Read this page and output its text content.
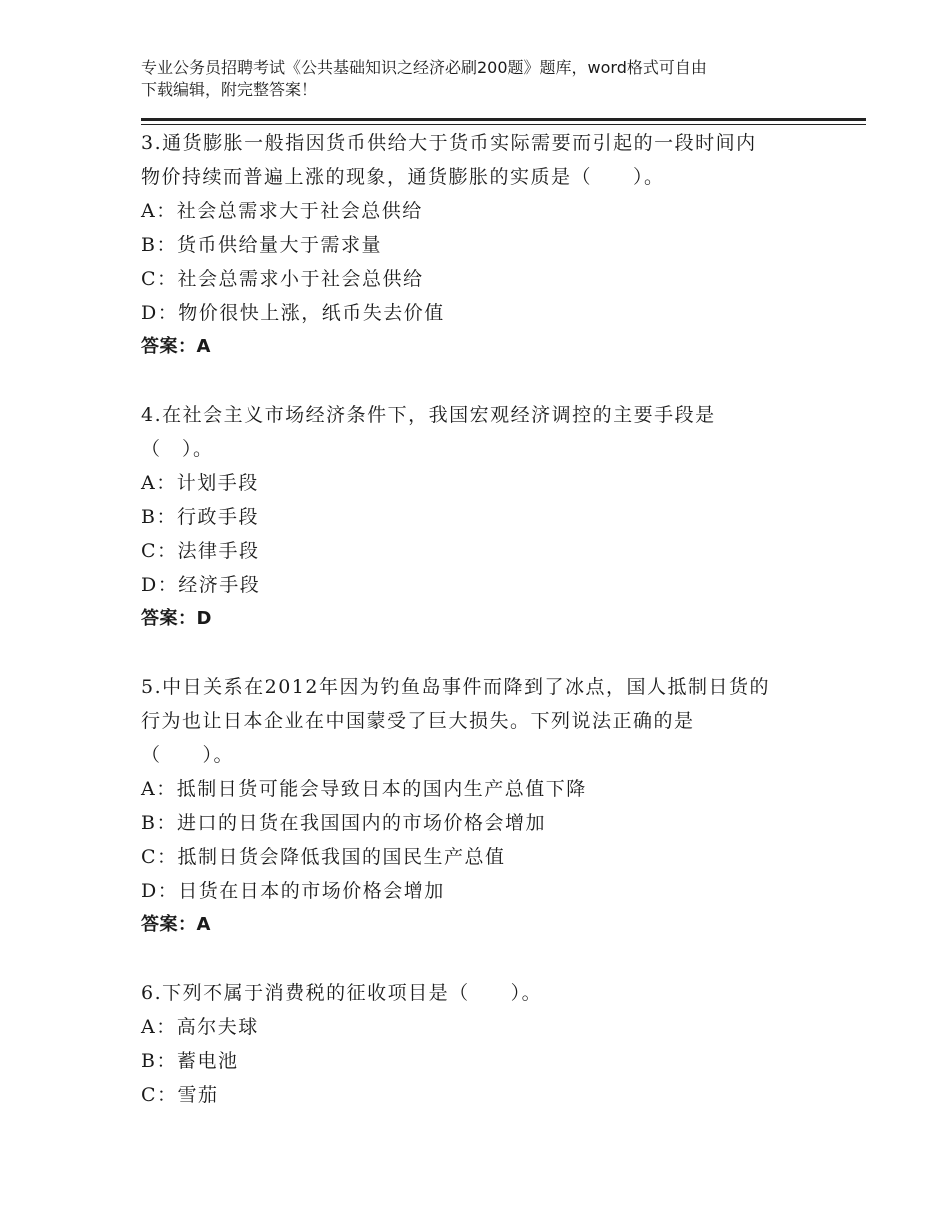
专业公务员招聘考试《公共基础知识之经济必刷200题》题库，word格式可自由
下载编辑，附完整答案！
3.通货膨胀一般指因货币供给大于货币实际需要而引起的一段时间内
物价持续而普遍上涨的现象，通货膨胀的实质是（　　）。
A：社会总需求大于社会总供给
B：货币供给量大于需求量
C：社会总需求小于社会总供给
D：物价很快上涨，纸币失去价值
答案：A
4.在社会主义市场经济条件下，我国宏观经济调控的主要手段是
（　）。
A：计划手段
B：行政手段
C：法律手段
D：经济手段
答案：D
5.中日关系在2012年因为钓鱼岛事件而降到了冰点，国人抵制日货的
行为也让日本企业在中国蒙受了巨大损失。下列说法正确的是
（　　）。
A：抵制日货可能会导致日本的国内生产总值下降
B：进口的日货在我国国内的市场价格会增加
C：抵制日货会降低我国的国民生产总值
D：日货在日本的市场价格会增加
答案：A
6.下列不属于消费税的征收项目是（　　）。
A：高尔夫球
B：蓄电池
C：雪茄
